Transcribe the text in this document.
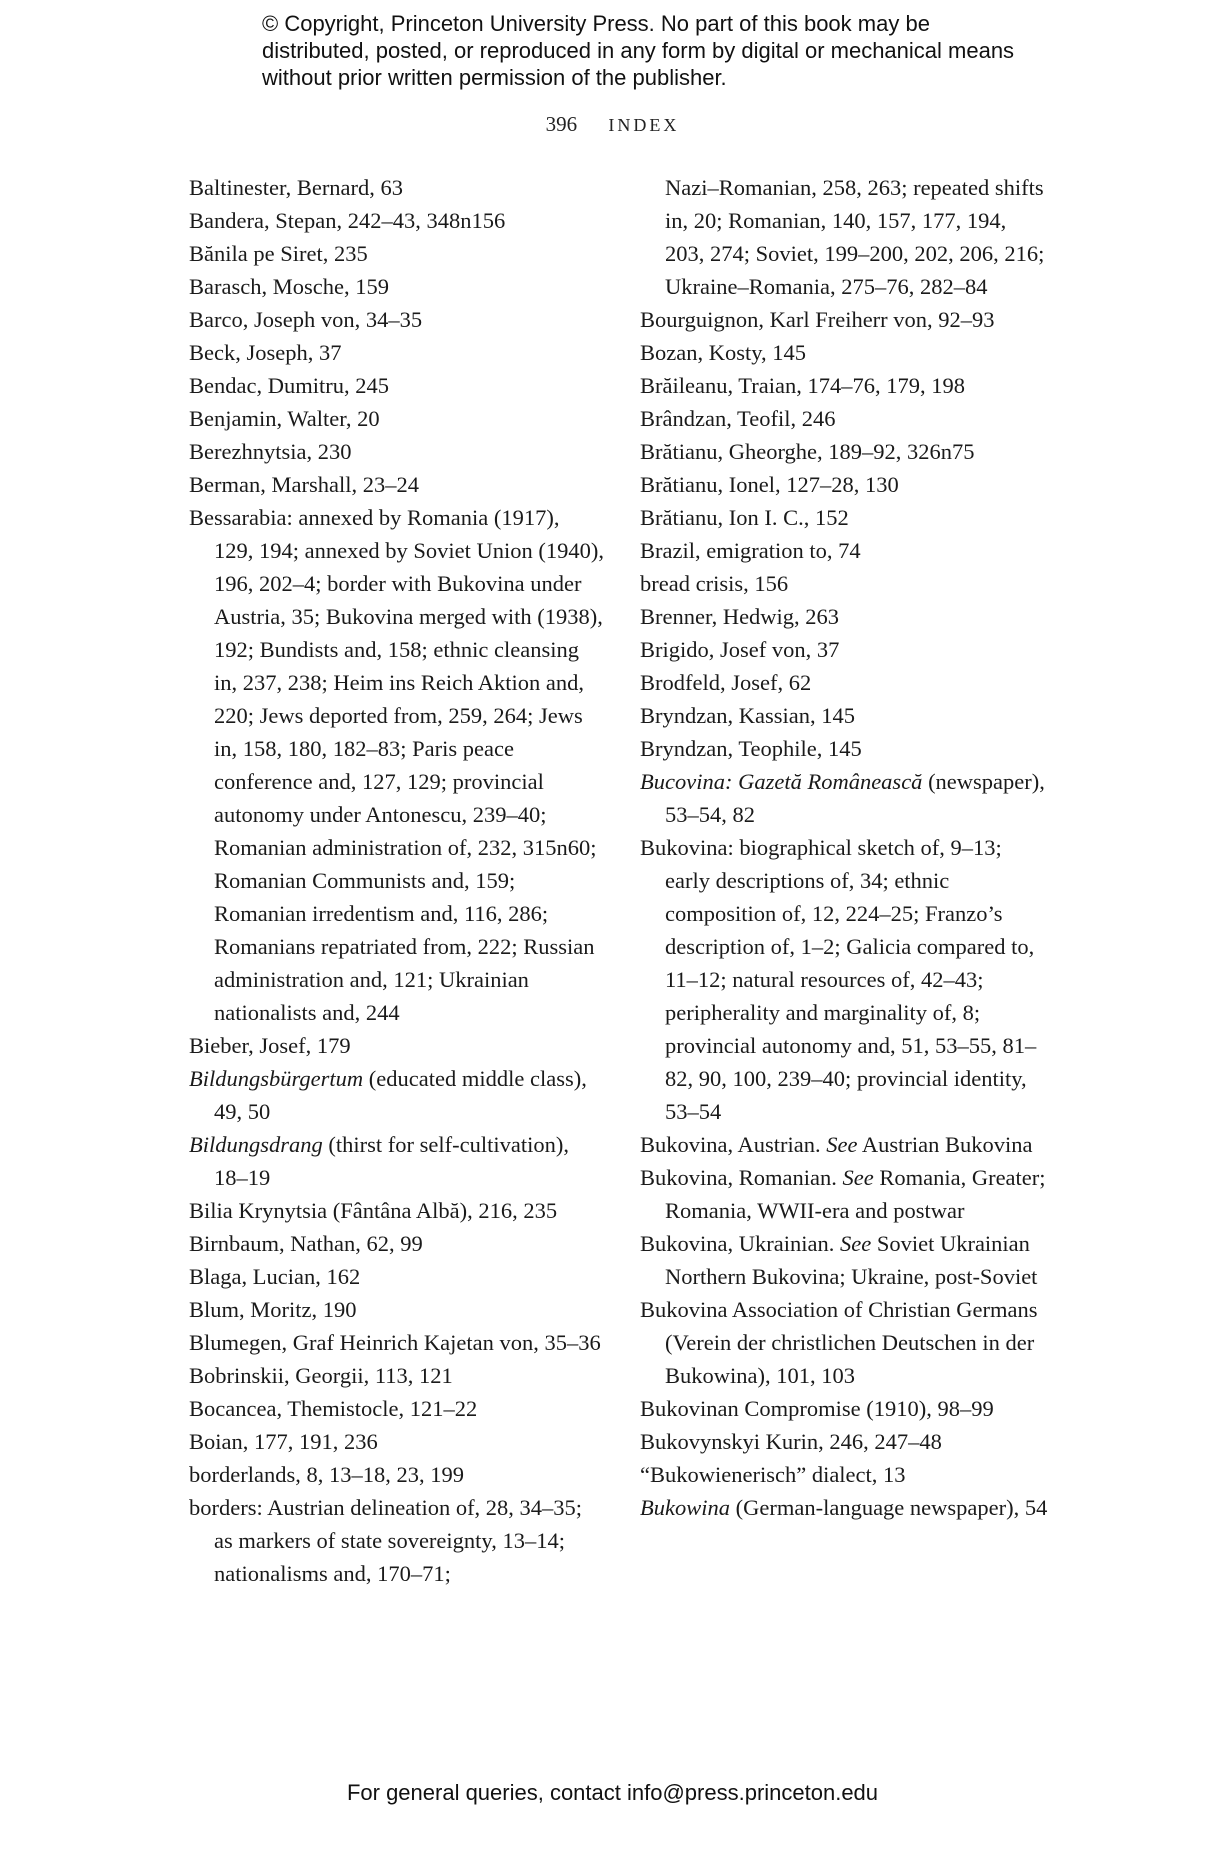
© Copyright, Princeton University Press. No part of this book may be distributed, posted, or reproduced in any form by digital or mechanical means without prior written permission of the publisher.
396 INDEX

Baltinester, Bernard, 63

Bandera, Stepan, 242–43, 348n156

Bănila pe Siret, 235

Barasch, Mosche, 159

Barco, Joseph von, 34–35

Beck, Joseph, 37

Bendac, Dumitru, 245

Benjamin, Walter, 20

Berezhnytsia, 230

Berman, Marshall, 23–24

Bessarabia: annexed by Romania (1917), 129, 194; annexed by Soviet Union (1940), 196, 202–4; border with Bukovina under Austria, 35; Bukovina merged with (1938), 192; Bundists and, 158; ethnic cleansing in, 237, 238; Heim ins Reich Aktion and, 220; Jews deported from, 259, 264; Jews in, 158, 180, 182–83; Paris peace conference and, 127, 129; provincial autonomy under Antonescu, 239–40; Romanian administration of, 232, 315n60; Romanian Communists and, 159; Romanian irredentism and, 116, 286; Romanians repatriated from, 222; Russian administration and, 121; Ukrainian nationalists and, 244

Bieber, Josef, 179

Bildungsbürgertum (educated middle class), 49, 50

Bildungsdrang (thirst for self-cultivation), 18–19

Bilia Krynytsia (Fântâna Albă), 216, 235

Birnbaum, Nathan, 62, 99

Blaga, Lucian, 162

Blum, Moritz, 190

Blumegen, Graf Heinrich Kajetan von, 35–36

Bobrinskii, Georgii, 113, 121

Bocancea, Themistocle, 121–22

Boian, 177, 191, 236

borderlands, 8, 13–18, 23, 199

borders: Austrian delineation of, 28, 34–35; as markers of state sovereignty, 13–14; nationalisms and, 170–71;

Nazi–Romanian, 258, 263; repeated shifts in, 20; Romanian, 140, 157, 177, 194, 203, 274; Soviet, 199–200, 202, 206, 216; Ukraine–Romania, 275–76, 282–84

Bourguignon, Karl Freiherr von, 92–93

Bozan, Kosty, 145

Brăileanu, Traian, 174–76, 179, 198

Brândzan, Teofil, 246

Brătianu, Gheorghe, 189–92, 326n75

Brătianu, Ionel, 127–28, 130

Brătianu, Ion I. C., 152

Brazil, emigration to, 74

bread crisis, 156

Brenner, Hedwig, 263

Brigido, Josef von, 37

Brodfeld, Josef, 62

Bryndzan, Kassian, 145

Bryndzan, Teophile, 145

Bucovina: Gazetă Românească (newspaper), 53–54, 82

Bukovina: biographical sketch of, 9–13; early descriptions of, 34; ethnic composition of, 12, 224–25; Franzo’s description of, 1–2; Galicia compared to, 11–12; natural resources of, 42–43; peripherality and marginality of, 8; provincial autonomy and, 51, 53–55, 81–82, 90, 100, 239–40; provincial identity, 53–54

Bukovina, Austrian. See Austrian Bukovina

Bukovina, Romanian. See Romania, Greater; Romania, WWII-era and postwar

Bukovina, Ukrainian. See Soviet Ukrainian Northern Bukovina; Ukraine, post-Soviet

Bukovina Association of Christian Germans (Verein der christlichen Deutschen in der Bukowina), 101, 103

Bukovinan Compromise (1910), 98–99

Bukovynskyi Kurin, 246, 247–48

“Bukowienerisch” dialect, 13

Bukowina (German-language newspaper), 54

For general queries, contact info@press.princeton.edu
